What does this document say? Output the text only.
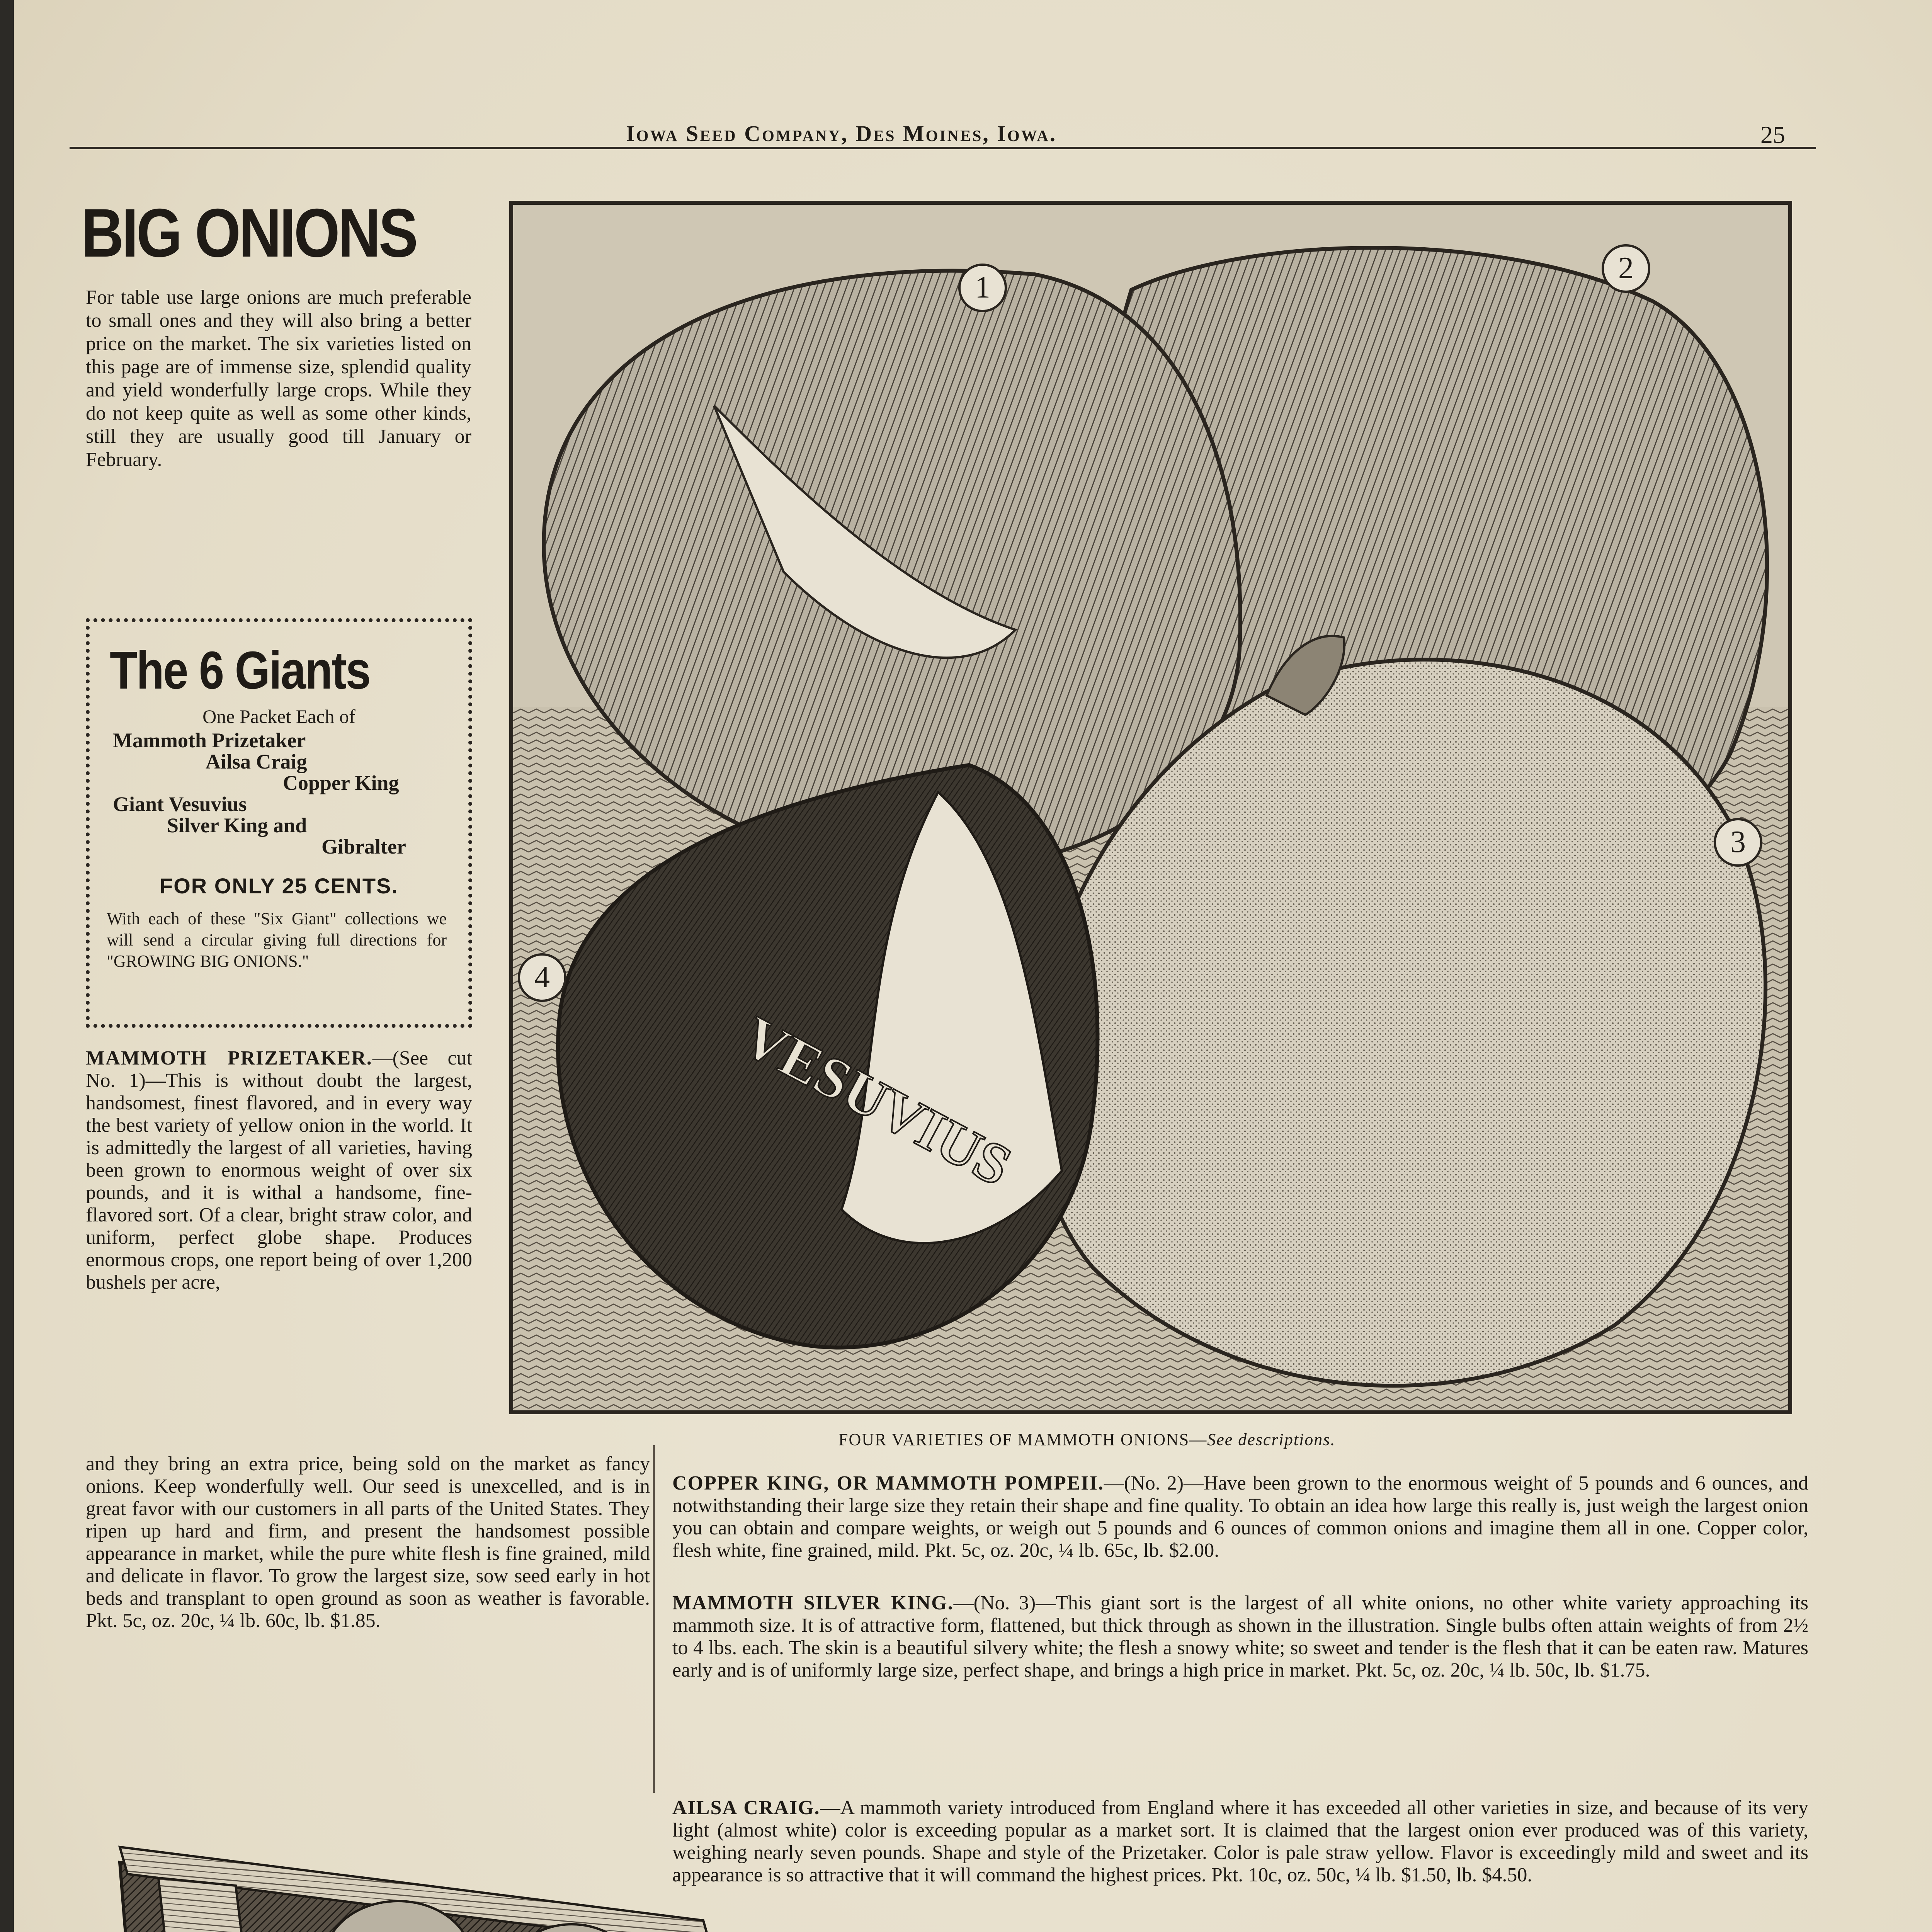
Iowa Seed Company, Des Moines, Iowa.	25
BIG ONIONS
For table use large onions are much preferable to small ones and they will also bring a better price on the market. The six varieties listed on this page are of immense size, splendid quality and yield wonderfully large crops. While they do not keep quite as well as some other kinds, still they are usually good till January or February.
The 6 Giants
One Packet Each of
Mammoth Prizetaker
Ailsa Craig
Copper King
Giant Vesuvius
Silver King and
Gibralter
FOR ONLY 25 CENTS.
With each of these "Six Giant" collections we will send a circular giving full directions for "GROWING BIG ONIONS."
VESUVIUS
1
2
3
4
FOUR VARIETIES OF MAMMOTH ONIONS—See descriptions.
MAMMOTH PRIZETAKER.—(See cut No. 1)—This is without doubt the largest, handsomest, finest flavored, and in every way the best variety of yellow onion in the world. It is admittedly the largest of all varieties, having been grown to enormous weight of over six pounds, and it is withal a handsome, fine-flavored sort. Of a clear, bright straw color, and uniform, perfect globe shape. Produces enormous crops, one report being of over 1,200 bushels per acre,
and they bring an extra price, being sold on the market as fancy onions. Keep wonderfully well. Our seed is unexcelled, and is in great favor with our customers in all parts of the United States. They ripen up hard and firm, and present the handsomest possible appearance in market, while the pure white flesh is fine grained, mild and delicate in flavor. To grow the largest size, sow seed early in hot beds and transplant to open ground as soon as weather is favorable. Pkt. 5c, oz. 20c, ¼ lb. 60c, lb. $1.85.
COPPER KING, OR MAMMOTH POMPEII.—(No. 2)—Have been grown to the enormous weight of 5 pounds and 6 ounces, and notwithstanding their large size they retain their shape and fine quality. To obtain an idea how large this really is, just weigh the largest onion you can obtain and compare weights, or weigh out 5 pounds and 6 ounces of common onions and imagine them all in one. Copper color, flesh white, fine grained, mild. Pkt. 5c, oz. 20c, ¼ lb. 65c, lb. $2.00.
MAMMOTH SILVER KING.—(No. 3)—This giant sort is the largest of all white onions, no other white variety approaching its mammoth size. It is of attractive form, flattened, but thick through as shown in the illustration. Single bulbs often attain weights of from 2½ to 4 lbs. each. The skin is a beautiful silvery white; the flesh a snowy white; so sweet and tender is the flesh that it can be eaten raw. Matures early and is of uniformly large size, perfect shape, and brings a high price in market. Pkt. 5c, oz. 20c, ¼ lb. 50c, lb. $1.75.
AILSA CRAIG.—A mammoth variety introduced from England where it has exceeded all other varieties in size, and because of its very light (almost white) color is exceeding popular as a market sort. It is claimed that the largest onion ever produced was of this variety, weighing nearly seven pounds. Shape and style of the Prizetaker. Color is pale straw yellow. Flavor is exceedingly mild and sweet and its appearance is so attractive that it will command the highest prices. Pkt. 10c, oz. 50c, ¼ lb. $1.50, lb. $4.50.
